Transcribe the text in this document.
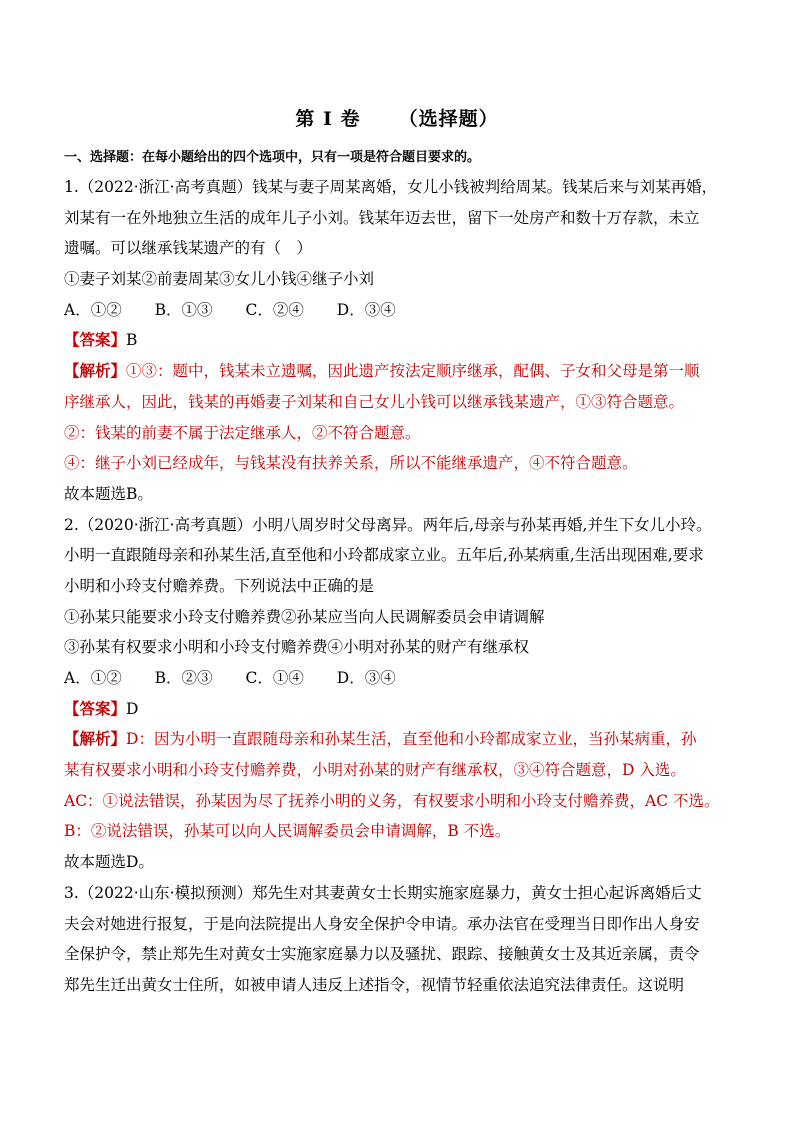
第 I 卷 　　（选择题）
一、选择题：在每小题给出的四个选项中，只有一项是符合题目要求的。
1.（2022·浙江·高考真题）钱某与妻子周某离婚，女儿小钱被判给周某。钱某后来与刘某再婚，
刘某有一在外地独立生活的成年儿子小刘。钱某年迈去世，留下一处房产和数十万存款，未立
遗嘱。可以继承钱某遗产的有（　）
①妻子刘某②前妻周某③女儿小钱④继子小刘
A．①② B．①③ C．②④ D．③④
【答案】B
【解析】①③：题中，钱某未立遗嘱，因此遗产按法定顺序继承，配偶、子女和父母是第一顺
序继承人，因此，钱某的再婚妻子刘某和自己女儿小钱可以继承钱某遗产，①③符合题意。
②：钱某的前妻不属于法定继承人，②不符合题意。
④：继子小刘已经成年，与钱某没有扶养关系，所以不能继承遗产，④不符合题意。
故本题选B。
2.（2020·浙江·高考真题）小明八周岁时父母离异。两年后,母亲与孙某再婚,并生下女儿小玲。
小明一直跟随母亲和孙某生活,直至他和小玲都成家立业。五年后,孙某病重,生活出现困难,要求
小明和小玲支付赡养费。下列说法中正确的是
①孙某只能要求小玲支付赡养费②孙某应当向人民调解委员会申请调解
③孙某有权要求小明和小玲支付赡养费④小明对孙某的财产有继承权
A．①② B．②③ C．①④ D．③④
【答案】D
【解析】D：因为小明一直跟随母亲和孙某生活，直至他和小玲都成家立业，当孙某病重，孙
某有权要求小明和小玲支付赡养费，小明对孙某的财产有继承权，③④符合题意，D 入选。
AC：①说法错误，孙某因为尽了抚养小明的义务，有权要求小明和小玲支付赡养费，AC 不选。
B：②说法错误，孙某可以向人民调解委员会申请调解，B 不选。
故本题选D。
3.（2022·山东·模拟预测）郑先生对其妻黄女士长期实施家庭暴力，黄女士担心起诉离婚后丈
夫会对她进行报复，于是向法院提出人身安全保护令申请。承办法官在受理当日即作出人身安
全保护令，禁止郑先生对黄女士实施家庭暴力以及骚扰、跟踪、接触黄女士及其近亲属，责令
郑先生迁出黄女士住所，如被申请人违反上述指令，视情节轻重依法追究法律责任。这说明
